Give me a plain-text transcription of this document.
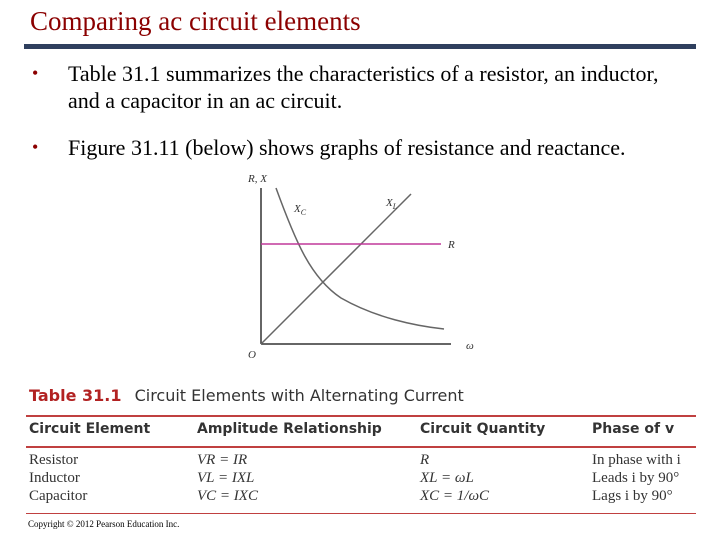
Comparing ac circuit elements
• Table 31.1 summarizes the characteristics of a resistor, an inductor, and a capacitor in an ac circuit.
• Figure 31.11 (below) shows graphs of resistance and reactance.
R, X
ω
O
$X_C$
$X_L$
R
Table 31.1 Circuit Elements with Alternating Current
Circuit Element	Amplitude Relationship	Circuit Quantity	Phase of v
Resistor	VR = IR	R	In phase with i
Inductor	VL = IXL	XL = ωL	Leads i by 90°
Capacitor	VC = IXC	XC = 1/ωC	Lags i by 90°
Copyright © 2012 Pearson Education Inc.
